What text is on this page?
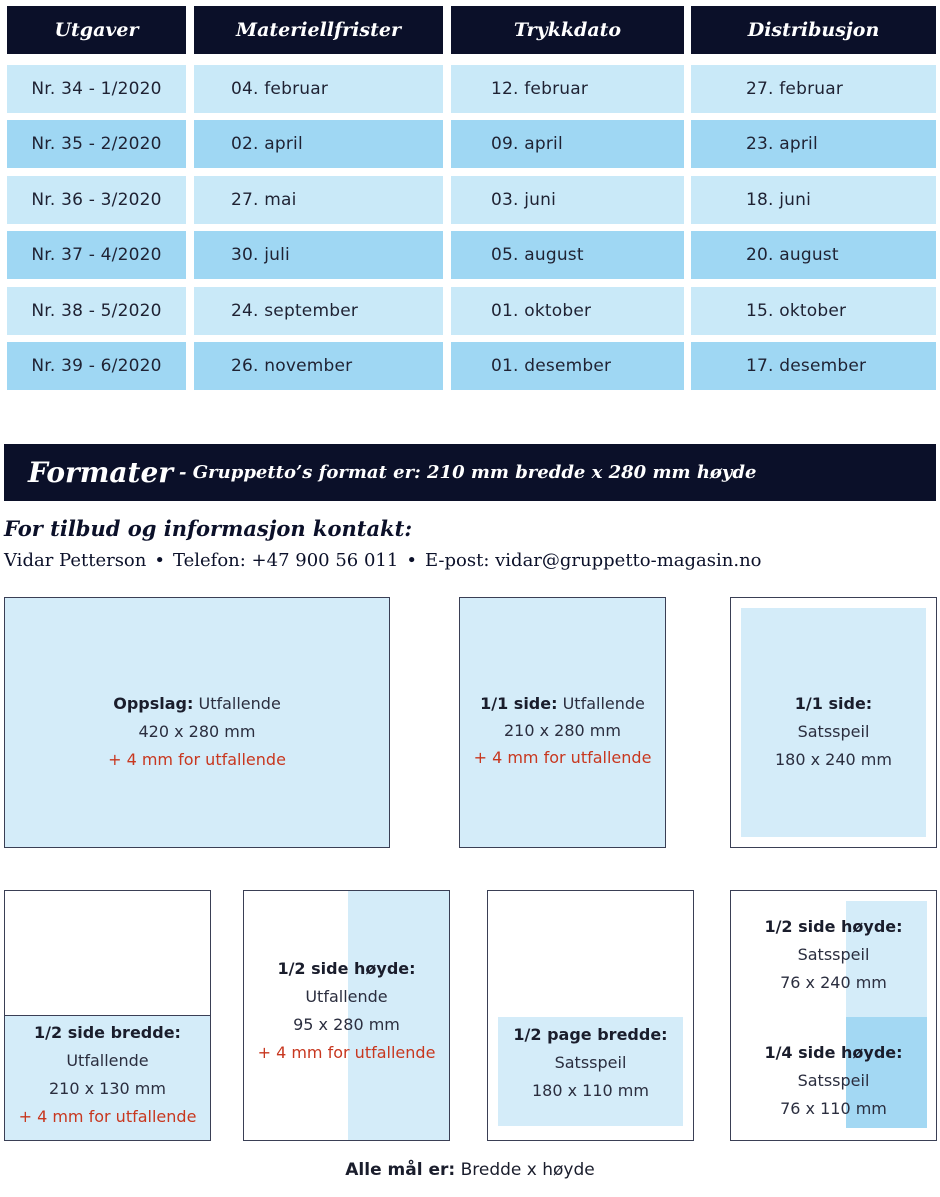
Utgaver	Materiellfrister	Trykkdato	Distribusjon
Nr. 34 - 1/2020	04. februar	12. februar	27. februar
Nr. 35 - 2/2020	02. april	09. april	23. april
Nr. 36 - 3/2020	27. mai	03. juni	18. juni
Nr. 37 - 4/2020	30. juli	05. august	20. august
Nr. 38 - 5/2020	24. september	01. oktober	15. oktober
Nr. 39 - 6/2020	26. november	01. desember	17. desember
Formater - Gruppetto’s format er: 210 mm bredde x 280 mm høyde
For tilbud og informasjon kontakt:
Vidar Petterson • Telefon: +47 900 56 011 • E-post: vidar@gruppetto-magasin.no
Oppslag: Utfallende
420 x 280 mm
+ 4 mm for utfallende
1/1 side: Utfallende
210 x 280 mm
+ 4 mm for utfallende
1/1 side:
Satsspeil
180 x 240 mm
1/2 side bredde:
Utfallende
210 x 130 mm
+ 4 mm for utfallende
1/2 side høyde:
Utfallende
95 x 280 mm
+ 4 mm for utfallende
1/2 page bredde:
Satsspeil
180 x 110 mm
1/2 side høyde:
Satsspeil
76 x 240 mm
1/4 side høyde:
Satsspeil
76 x 110 mm
Alle mål er: Bredde x høyde
